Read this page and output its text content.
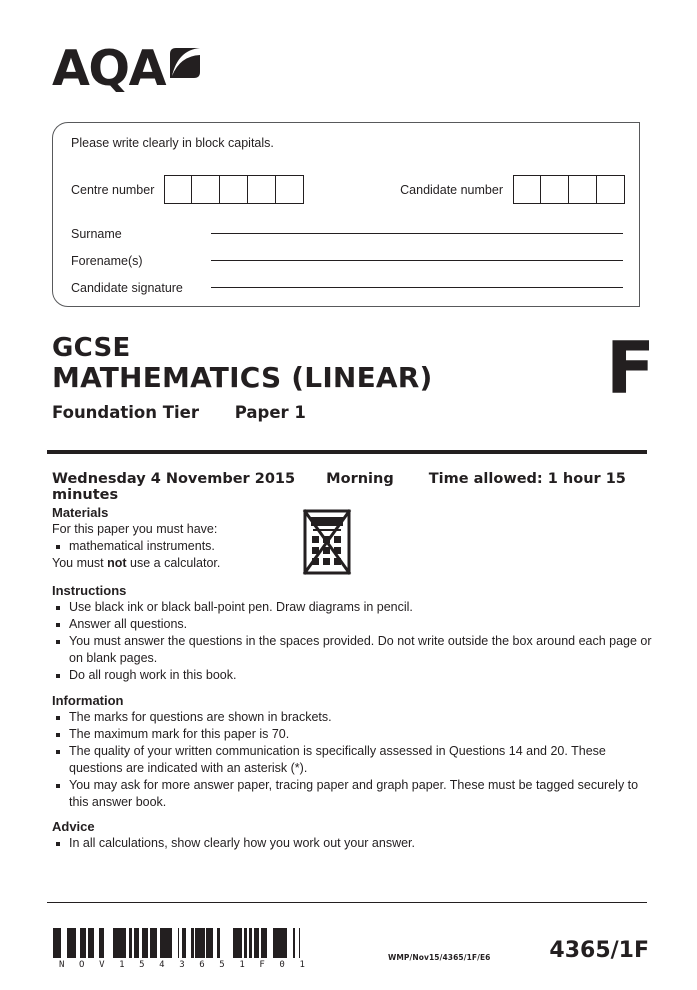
AQA
Please write clearly in block capitals.
Centre number	Candidate number
Surname
Forename(s)
Candidate signature
GCSE
MATHEMATICS (LINEAR)
Foundation Tier Paper 1
F
Wednesday 4 November 2015 Morning Time allowed: 1 hour 15 minutes
Materials
For this paper you must have:
mathematical instruments.
You must not use a calculator.
Instructions
Use black ink or black ball-point pen. Draw diagrams in pencil.
Answer all questions.
You must answer the questions in the spaces provided. Do not write outside the box around each page or on blank pages.
Do all rough work in this book.
Information
The marks for questions are shown in brackets.
The maximum mark for this paper is 70.
The quality of your written communication is specifically assessed in Questions 14 and 20. These questions are indicated with an asterisk (*).
You may ask for more answer paper, tracing paper and graph paper. These must be tagged securely to this answer book.
Advice
In all calculations, show clearly how you work out your answer.
N O V 1 5 4 3 6 5 1 F 0 1
WMP/Nov15/4365/1F/E6	4365/1F
